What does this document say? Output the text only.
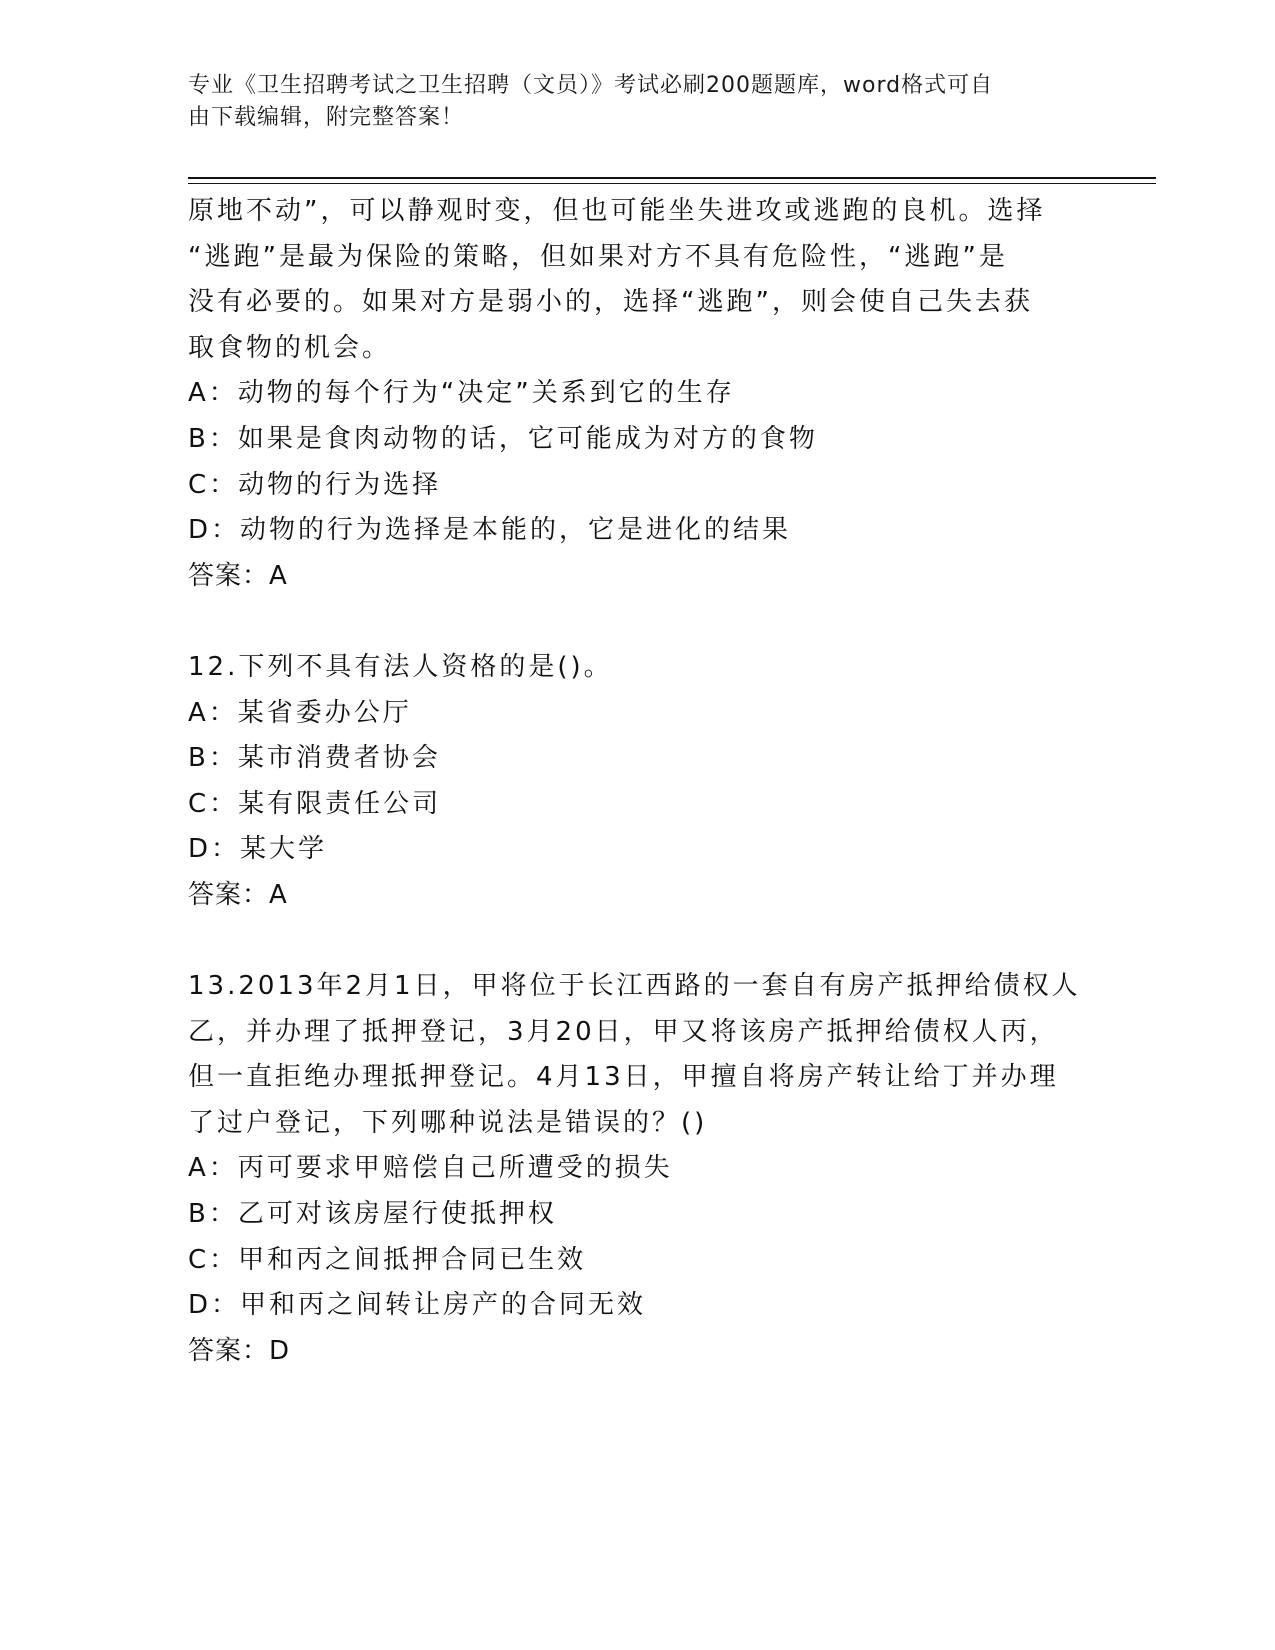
专业《卫生招聘考试之卫生招聘（文员）》考试必刷200题题库，word格式可自
由下载编辑，附完整答案！
原地不动”，可以静观时变，但也可能坐失进攻或逃跑的良机。选择
“逃跑”是最为保险的策略，但如果对方不具有危险性，“逃跑”是
没有必要的。如果对方是弱小的，选择“逃跑”，则会使自己失去获
取食物的机会。
A：动物的每个行为“决定”关系到它的生存
B：如果是食肉动物的话，它可能成为对方的食物
C：动物的行为选择
D：动物的行为选择是本能的，它是进化的结果
答案：A
12.下列不具有法人资格的是()。
A：某省委办公厅
B：某市消费者协会
C：某有限责任公司
D：某大学
答案：A
13.2013年2月1日，甲将位于长江西路的一套自有房产抵押给债权人
乙，并办理了抵押登记，3月20日，甲又将该房产抵押给债权人丙，
但一直拒绝办理抵押登记。4月13日，甲擅自将房产转让给丁并办理
了过户登记，下列哪种说法是错误的？()
A：丙可要求甲赔偿自己所遭受的损失
B：乙可对该房屋行使抵押权
C：甲和丙之间抵押合同已生效
D：甲和丙之间转让房产的合同无效
答案：D
